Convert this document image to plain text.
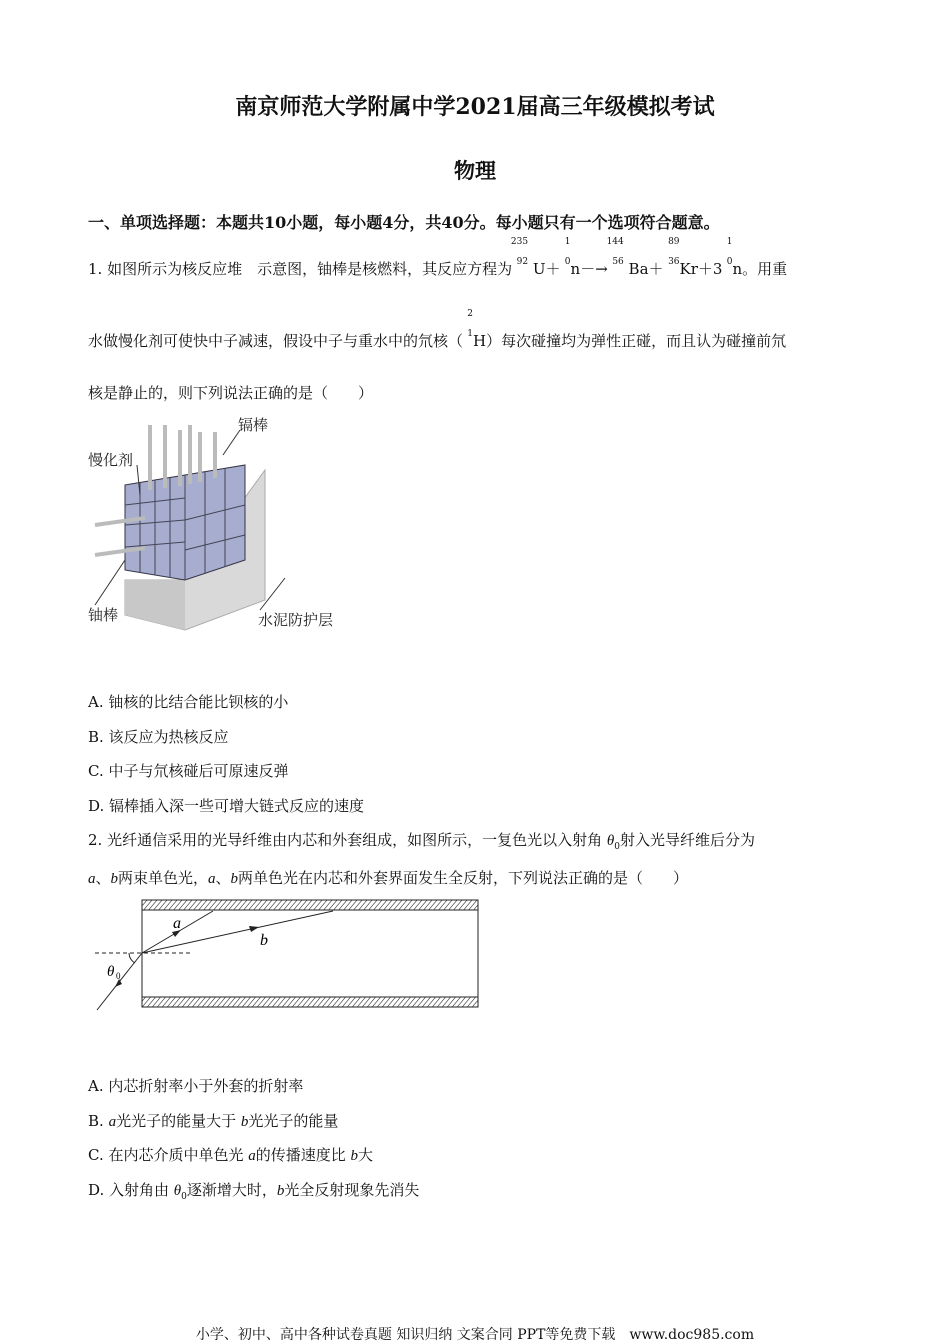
南京师范大学附属中学2021届高三年级模拟考试
物理
一、单项选择题：本题共10小题，每小题4分，共40分。每小题只有一个选项符合题意。
1. 如图所示为核反应堆　示意图，铀棒是核燃料，其反应方程为
235
92 U＋
1
0 n－→
144
56 Ba＋
89
36 Kr＋3
1
0 n。用重
水做慢化剂可使快中子减速，假设中子与重水中的氘核（
2
1 H）每次碰撞均为弹性正碰，而且认为碰撞前氘
核是静止的，则下列说法正确的是（　　）
镉棒
慢化剂
铀棒	水泥防护层
A. 铀核的比结合能比钡核的小
B. 该反应为热核反应
C. 中子与氘核碰后可原速反弹
D. 镉棒插入深一些可增大链式反应的速度
2. 光纤通信采用的光导纤维由内芯和外套组成，如图所示，一复色光以入射角 $\theta_0$射入光导纤维后分为
a、b两束单色光，a、b两单色光在内芯和外套界面发生全反射，下列说法正确的是（　　）
a
b
θ 0
A. 内芯折射率小于外套的折射率
B. a光光子的能量大于 b光光子的能量
C. 在内芯介质中单色光 a的传播速度比 b大
D. 入射角由 $\theta_0$逐渐增大时，b光全反射现象先消失
小学、初中、高中各种试卷真题 知识归纳 文案合同 PPT等免费下载　www.doc985.com
